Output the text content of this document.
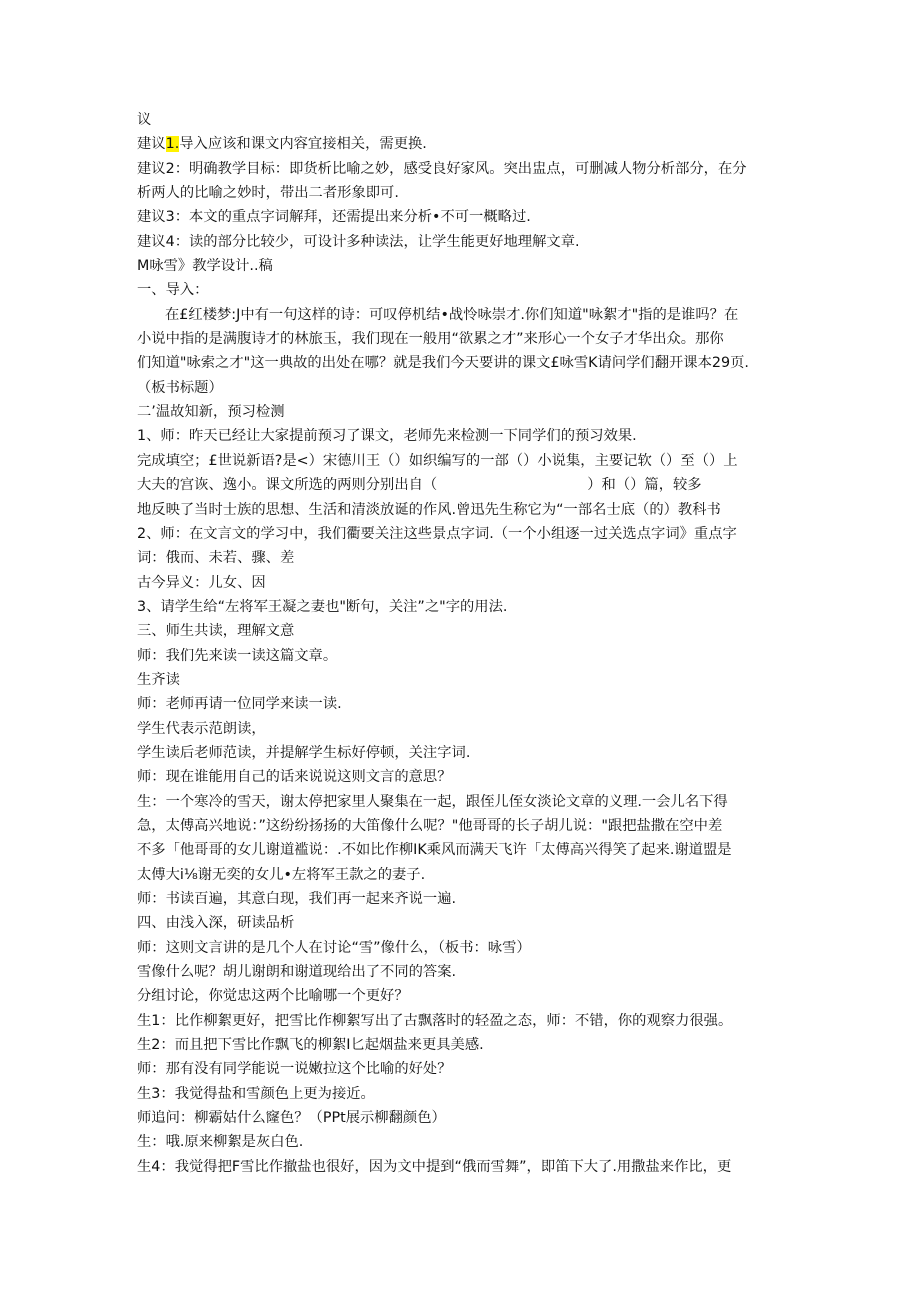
议
建议1.导入应该和课文内容宜接相关，需更换.
建议2：明确教学目标：即货析比喻之妙，感受良好家风。突出盅点，可删减人物分析部分，在分
析两人的比喻之妙时，带出二者形象即可.
建议3：本文的重点字词解拜，还需提出来分析•不可一概略过.
建议4：读的部分比较少，可设计多种读法，让学生能更好地理解文章.
M咏雪》教学设计..稿
一、导入：
在£红楼梦:J中有一句这样的诗：可叹停机结•战怜咏崇才.你们知道"咏絮才"指的是谁吗？在
小说中指的是满腹诗才的林旅玉，我们现在一般用“欲累之才”来形心一个女子才华出众。那你
们知道"咏索之才"这一典故的出处在哪？就是我们今天要讲的课文£咏雪K请问学们翻开课本29页.
（板书标题）
二’温故知新，预习检测
1、师：昨天已经让大家提前预习了课文，老师先来检测一下同学们的预习效果.
完成填空；£世说新语?是<）宋德川王（）如织编写的一部（）小说集，主要记软（）至（）上
大夫的宫诙、逸小。课文所选的两则分别出自（	）和（）篇，较多
地反映了当时士族的思想、生活和清淡放诞的作风.曾迅先生称它为“一部名士底（的）教科书
2、师：在文言文的学习中，我们衢要关注这些景点字词.（一个小组逐一过关选点字词》重点字
词：俄而、未若、骤、差
古今异义：儿女、因
3、请学生给“左将军王凝之妻也"断句，关注”之"字的用法.
三、师生共读，理解文意
师：我们先来读一读这篇文章。
生齐读
师：老师再请一位同学来读一读.
学生代表示范朗读，
学生读后老师范读，并提解学生标好停顿，关注字词.
师：现在谁能用自己的话来说说这则文言的意思？
生：一个寒冷的雪天，谢太停把家里人聚集在一起，跟侄儿侄女淡论文章的义理.一会儿名下得
急，太傅高兴地说：”这纷纷扬扬的大笛像什么呢？"他哥哥的长子胡儿说："跟把盐撒在空中差
不多「他哥哥的女儿谢道褴说：.不如比作柳IK乘风而满天飞许「太傅高兴得笑了起来.谢道盟是
太傅大i⅛谢无奕的女儿•左将军王款之的妻子.
师：书读百遍，其意白现，我们再一起来齐说一遍.
四、由浅入深，研读品析
师：这则文言讲的是几个人在讨论“雪”像什么，（板书：咏雪）
雪像什么呢？胡儿谢朗和谢道现给出了不同的答案.
分组讨论，你觉忠这两个比喻哪一个更好？
生1：比作柳絮更好，把雪比作柳絮写出了古飘落时的轻盈之态，师：不错，你的观察力很强。
生2：而且把下雪比作飘飞的柳絮I匕起烟盐来更具美感.
师：那有没有同学能说一说嫩拉这个比喻的好处？
生3：我觉得盐和雪颜色上更为接近。
师追问：柳霸姑什么窿色？（PPt展示柳翻颜色）
生：哦.原来柳絮是灰白色.
生4：我觉得把F雪比作撤盐也很好，因为文中提到“俄而雪舞”，即笛下大了.用撒盐来作比，更
